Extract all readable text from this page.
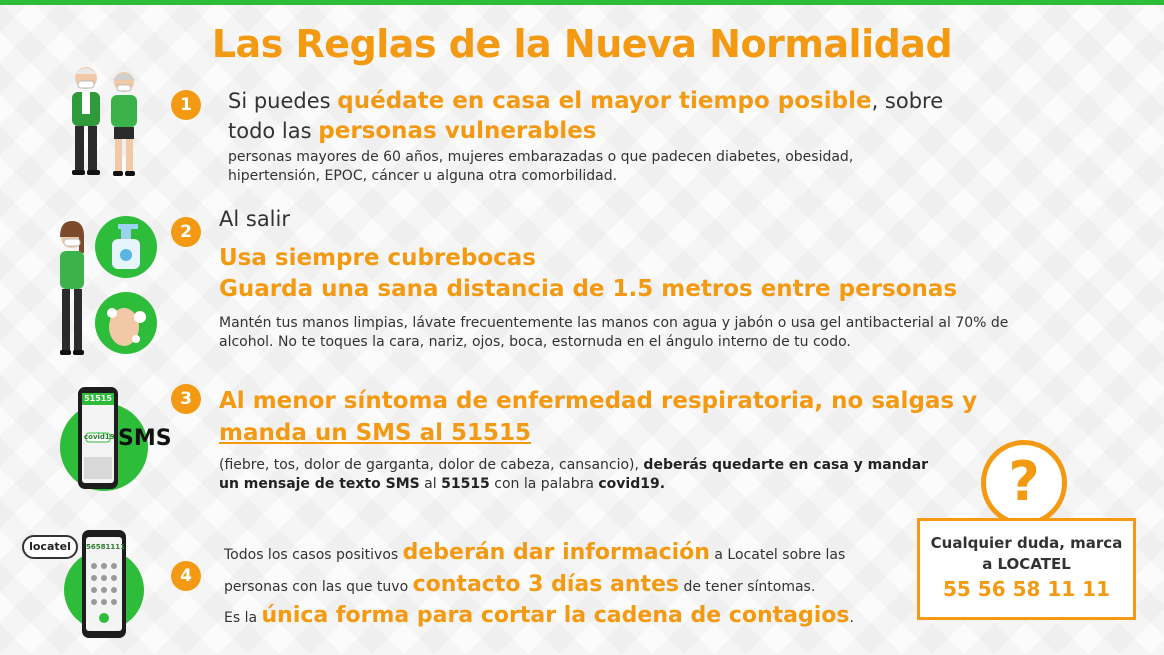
Las Reglas de la Nueva Normalidad
1	Si puedes quédate en casa el mayor tiempo posible, sobre
todo las personas vulnerables
personas mayores de 60 años, mujeres embarazadas o que padecen diabetes, obesidad,
hipertensión, EPOC, cáncer u alguna otra comorbilidad.
2
Al salir
Usa siempre cubrebocas
Guarda una sana distancia de 1.5 metros entre personas
Mantén tus manos limpias, lávate frecuentemente las manos con agua y jabón o usa gel antibacterial al 70% de
alcohol. No te toques la cara, nariz, ojos, boca, estornuda en el ángulo interno de tu codo.
51515
covid19 SMS
3	Al menor síntoma de enfermedad respiratoria, no salgas y
manda un SMS al 51515
(fiebre, tos, dolor de garganta, dolor de cabeza, cansancio), deberás quedarte en casa y mandar
un mensaje de texto SMS al 51515 con la palabra covid19.
locatel	56581111
4
Todos los casos positivos deberán dar información a Locatel sobre las
personas con las que tuvo contacto 3 días antes de tener síntomas.
Es la única forma para cortar la cadena de contagios.
?
Cualquier duda, marca
a LOCATEL
55 56 58 11 11
